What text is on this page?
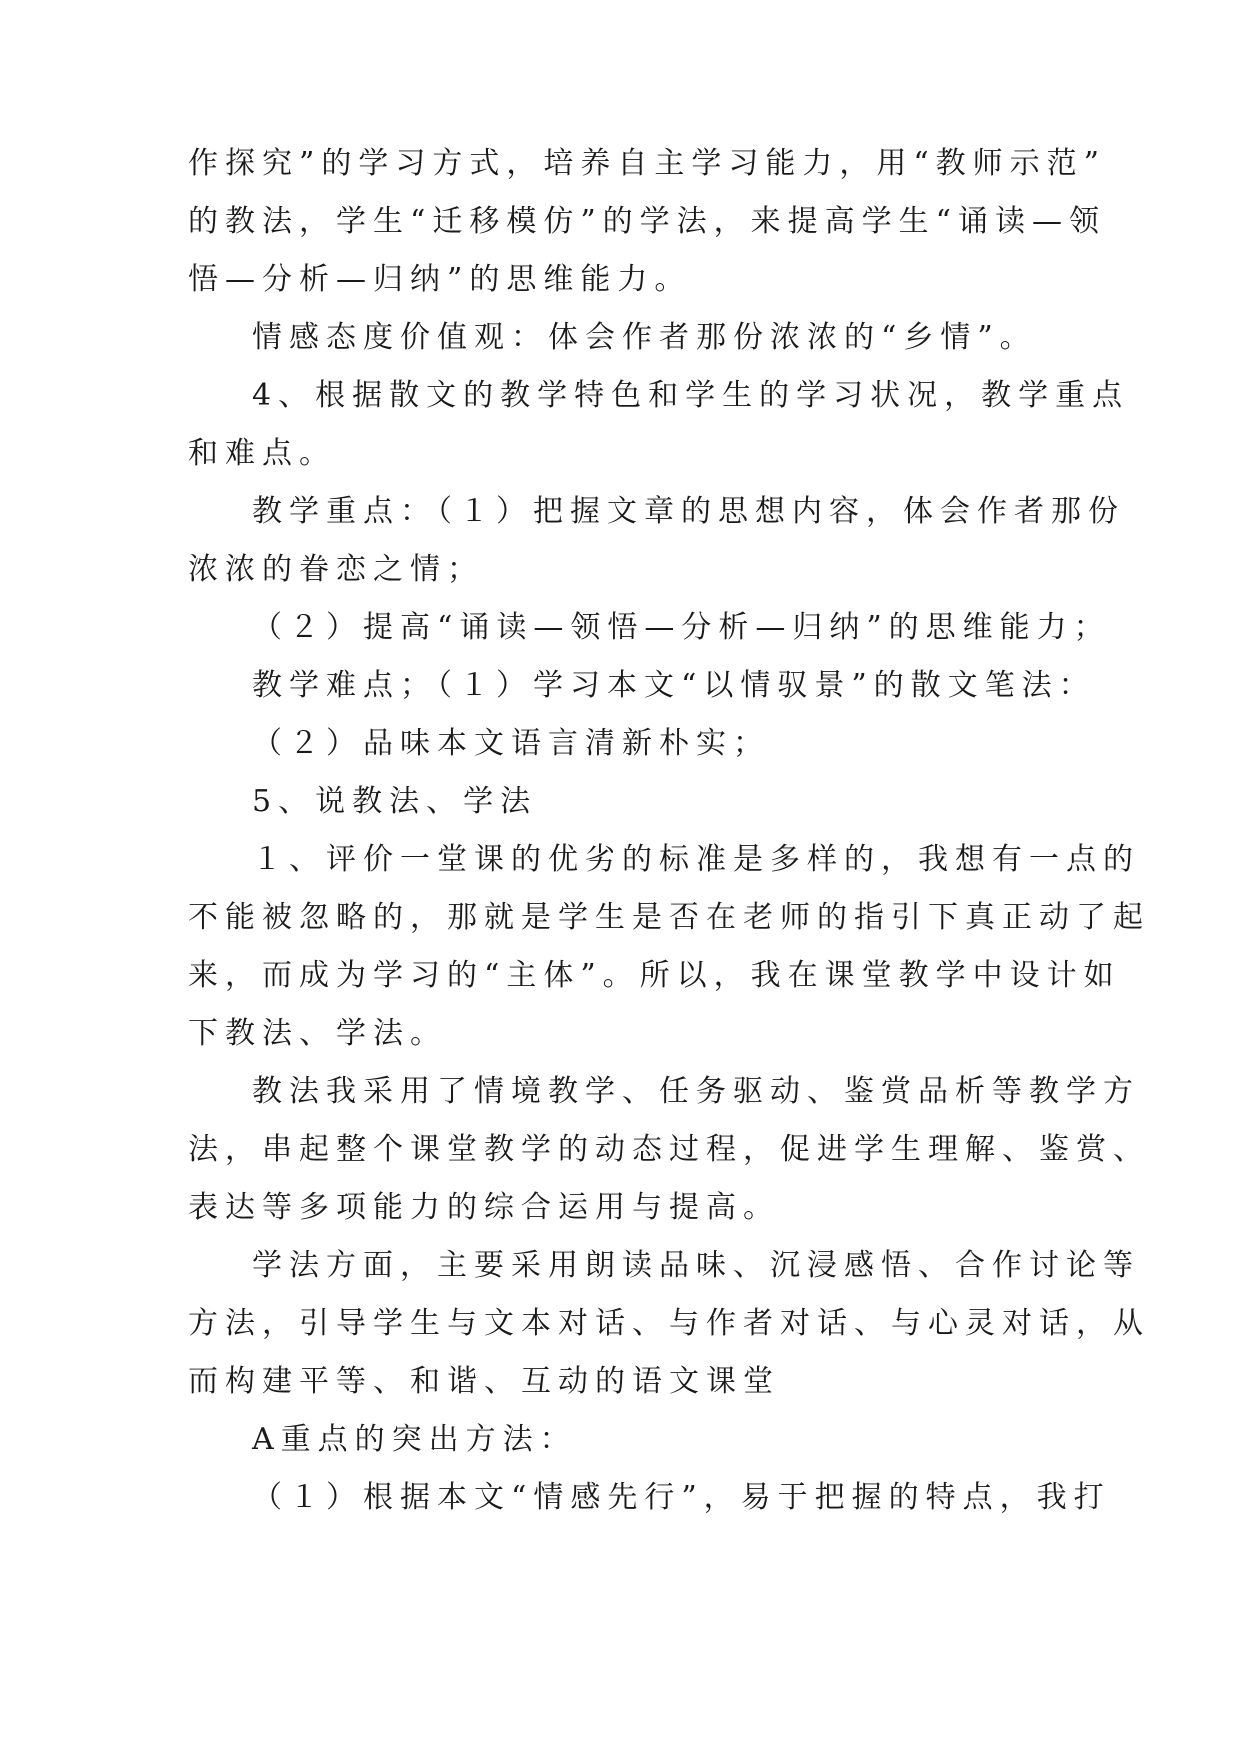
作探究”的学习方式，培养自主学习能力，用“教师示范”
的教法，学生“迁移模仿”的学法，来提高学生“诵读—领
悟—分析—归纳”的思维能力。
情感态度价值观：体会作者那份浓浓的“乡情”。
4、根据散文的教学特色和学生的学习状况，教学重点
和难点。
教学重点：（１）把握文章的思想内容，体会作者那份
浓浓的眷恋之情；
（２）提高“诵读—领悟—分析—归纳”的思维能力；
教学难点；（１）学习本文“以情驭景”的散文笔法：
（２）品味本文语言清新朴实；
5、说教法、学法
１、评价一堂课的优劣的标准是多样的，我想有一点的
不能被忽略的，那就是学生是否在老师的指引下真正动了起
来，而成为学习的“主体”。所以，我在课堂教学中设计如
下教法、学法。
教法我采用了情境教学、任务驱动、鉴赏品析等教学方
法，串起整个课堂教学的动态过程，促进学生理解、鉴赏、
表达等多项能力的综合运用与提高。
学法方面，主要采用朗读品味、沉浸感悟、合作讨论等
方法，引导学生与文本对话、与作者对话、与心灵对话，从
而构建平等、和谐、互动的语文课堂
A重点的突出方法：
（１）根据本文“情感先行”，易于把握的特点，我打
